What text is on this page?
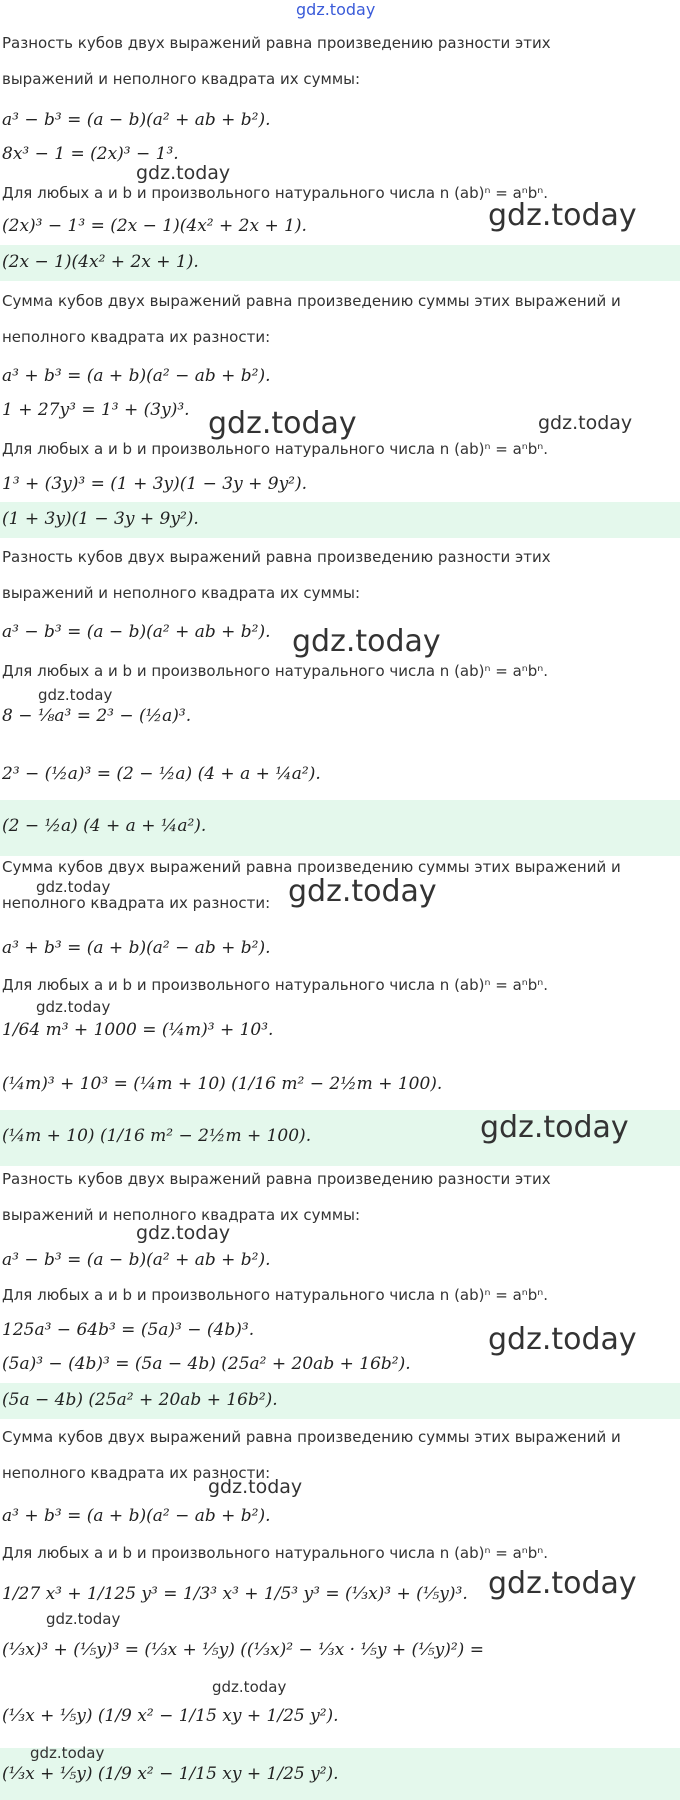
gdz.today
Разность кубов двух выражений равна произведению разности этих
выражений и неполного квадрата их суммы:
a³ − b³ = (a − b)(a² + ab + b²).
8x³ − 1 = (2x)³ − 1³.
Для любых a и b и произвольного натурального числа n (ab)ⁿ = aⁿbⁿ.
(2x)³ − 1³ = (2x − 1)(4x² + 2x + 1).
(2x − 1)(4x² + 2x + 1).
Сумма кубов двух выражений равна произведению суммы этих выражений и
неполного квадрата их разности:
a³ + b³ = (a + b)(a² − ab + b²).
1 + 27y³ = 1³ + (3y)³.
Для любых a и b и произвольного натурального числа n (ab)ⁿ = aⁿbⁿ.
1³ + (3y)³ = (1 + 3y)(1 − 3y + 9y²).
(1 + 3y)(1 − 3y + 9y²).
Разность кубов двух выражений равна произведению разности этих
выражений и неполного квадрата их суммы:
a³ − b³ = (a − b)(a² + ab + b²).
Для любых a и b и произвольного натурального числа n (ab)ⁿ = aⁿbⁿ.
8 − ⅛a³ = 2³ − (½a)³.
2³ − (½a)³ = (2 − ½a) (4 + a + ¼a²).
(2 − ½a) (4 + a + ¼a²).
Сумма кубов двух выражений равна произведению суммы этих выражений и
неполного квадрата их разности:
a³ + b³ = (a + b)(a² − ab + b²).
Для любых a и b и произвольного натурального числа n (ab)ⁿ = aⁿbⁿ.
1/64 m³ + 1000 = (¼m)³ + 10³.
(¼m)³ + 10³ = (¼m + 10) (1/16 m² − 2½m + 100).
(¼m + 10) (1/16 m² − 2½m + 100).
Разность кубов двух выражений равна произведению разности этих
выражений и неполного квадрата их суммы:
a³ − b³ = (a − b)(a² + ab + b²).
Для любых a и b и произвольного натурального числа n (ab)ⁿ = aⁿbⁿ.
125a³ − 64b³ = (5a)³ − (4b)³.
(5a)³ − (4b)³ = (5a − 4b) (25a² + 20ab + 16b²).
(5a − 4b) (25a² + 20ab + 16b²).
Сумма кубов двух выражений равна произведению суммы этих выражений и
неполного квадрата их разности:
a³ + b³ = (a + b)(a² − ab + b²).
Для любых a и b и произвольного натурального числа n (ab)ⁿ = aⁿbⁿ.
1/27 x³ + 1/125 y³ = 1/3³ x³ + 1/5³ y³ = (⅓x)³ + (⅕y)³.
(⅓x)³ + (⅕y)³ = (⅓x + ⅕y) ((⅓x)² − ⅓x · ⅕y + (⅕y)²) =
(⅓x + ⅕y) (1/9 x² − 1/15 xy + 1/25 y²).
(⅓x + ⅕y) (1/9 x² − 1/15 xy + 1/25 y²).
gdz.today
gdz.today
gdz.today	gdz.today
gdz.today
gdz.today
gdz.today	gdz.today
gdz.today
gdz.today
gdz.today
gdz.today
gdz.today
gdz.today
gdz.today
gdz.today
gdz.today
